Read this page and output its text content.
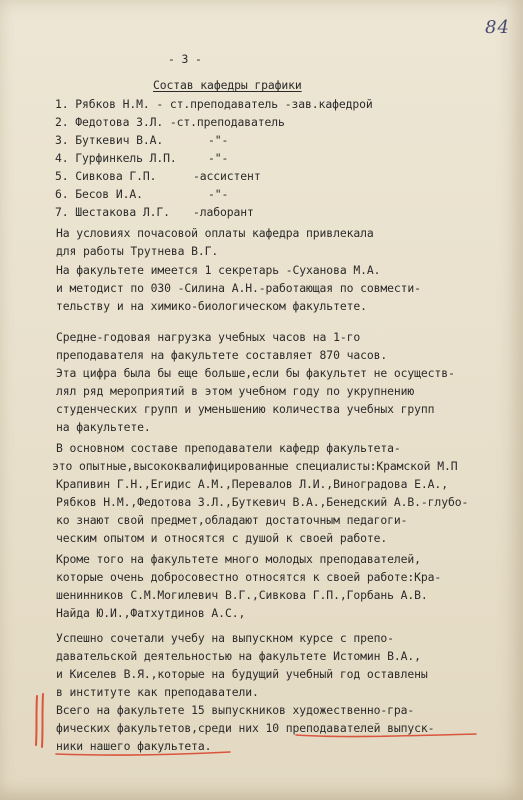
84
- 3 -
Состав кафедры графики
1. Рябков Н.М. - ст.преподаватель -зав.кафедрой
2. Федотова З.Л. -ст.преподаватель
3. Буткевич В.А.	-"-
4. Гурфинкель Л.П.	-"-
5. Сивкова Г.П.	-ассистент
6. Бесов И.А.	-"-
7. Шестакова Л.Г. -лаборант
На условиях почасовой оплаты кафедра привлекала
для работы Трутнева В.Г.
На факультете имеется 1 секретарь -Суханова М.А.
и методист по 030 -Силина А.Н.-работающая по совмести-
тельству и на химико-биологическом факультете.
Средне-годовая нагрузка учебных часов на 1-го
преподавателя на факультете составляет 870 часов.
Эта цифра была бы еще больше,если бы факультет не осуществ-
лял ряд мероприятий в этом учебном году по укрупнению
студенческих групп и уменьшению количества учебных групп
на факультете.
В основном составе преподаватели кафедр факультета-
это опытные,высококвалифицированные специалисты:Крамской М.П
Крапивин Г.Н.,Егидис А.М.,Перевалов Л.И.,Виноградова Е.А.,
Рябков Н.М.,Федотова З.Л.,Буткевич В.А.,Бенедский А.В.-глубо-
ко знают свой предмет,обладают достаточным педагоги-
ческим опытом и относятся с душой к своей работе.
Кроме того на факультете много молодых преподавателей,
которые очень добросовестно относятся к своей работе:Кра-
шенинников С.М.Могилевич В.Г.,Сивкова Г.П.,Горбань А.В.
Найда Ю.И.,Фатхутдинов А.С.,
Успешно сочетали учебу на выпускном курсе с препо-
давательской деятельностью на факультете Истомин В.А.,
и Киселев В.Я.,которые на будущий учебный год оставлены
в институте как преподаватели.
Всего на факультете 15 выпускников художественно-гра-
фических факультетов,среди них 10 преподавателей выпуск-
ники нашего факультета.
